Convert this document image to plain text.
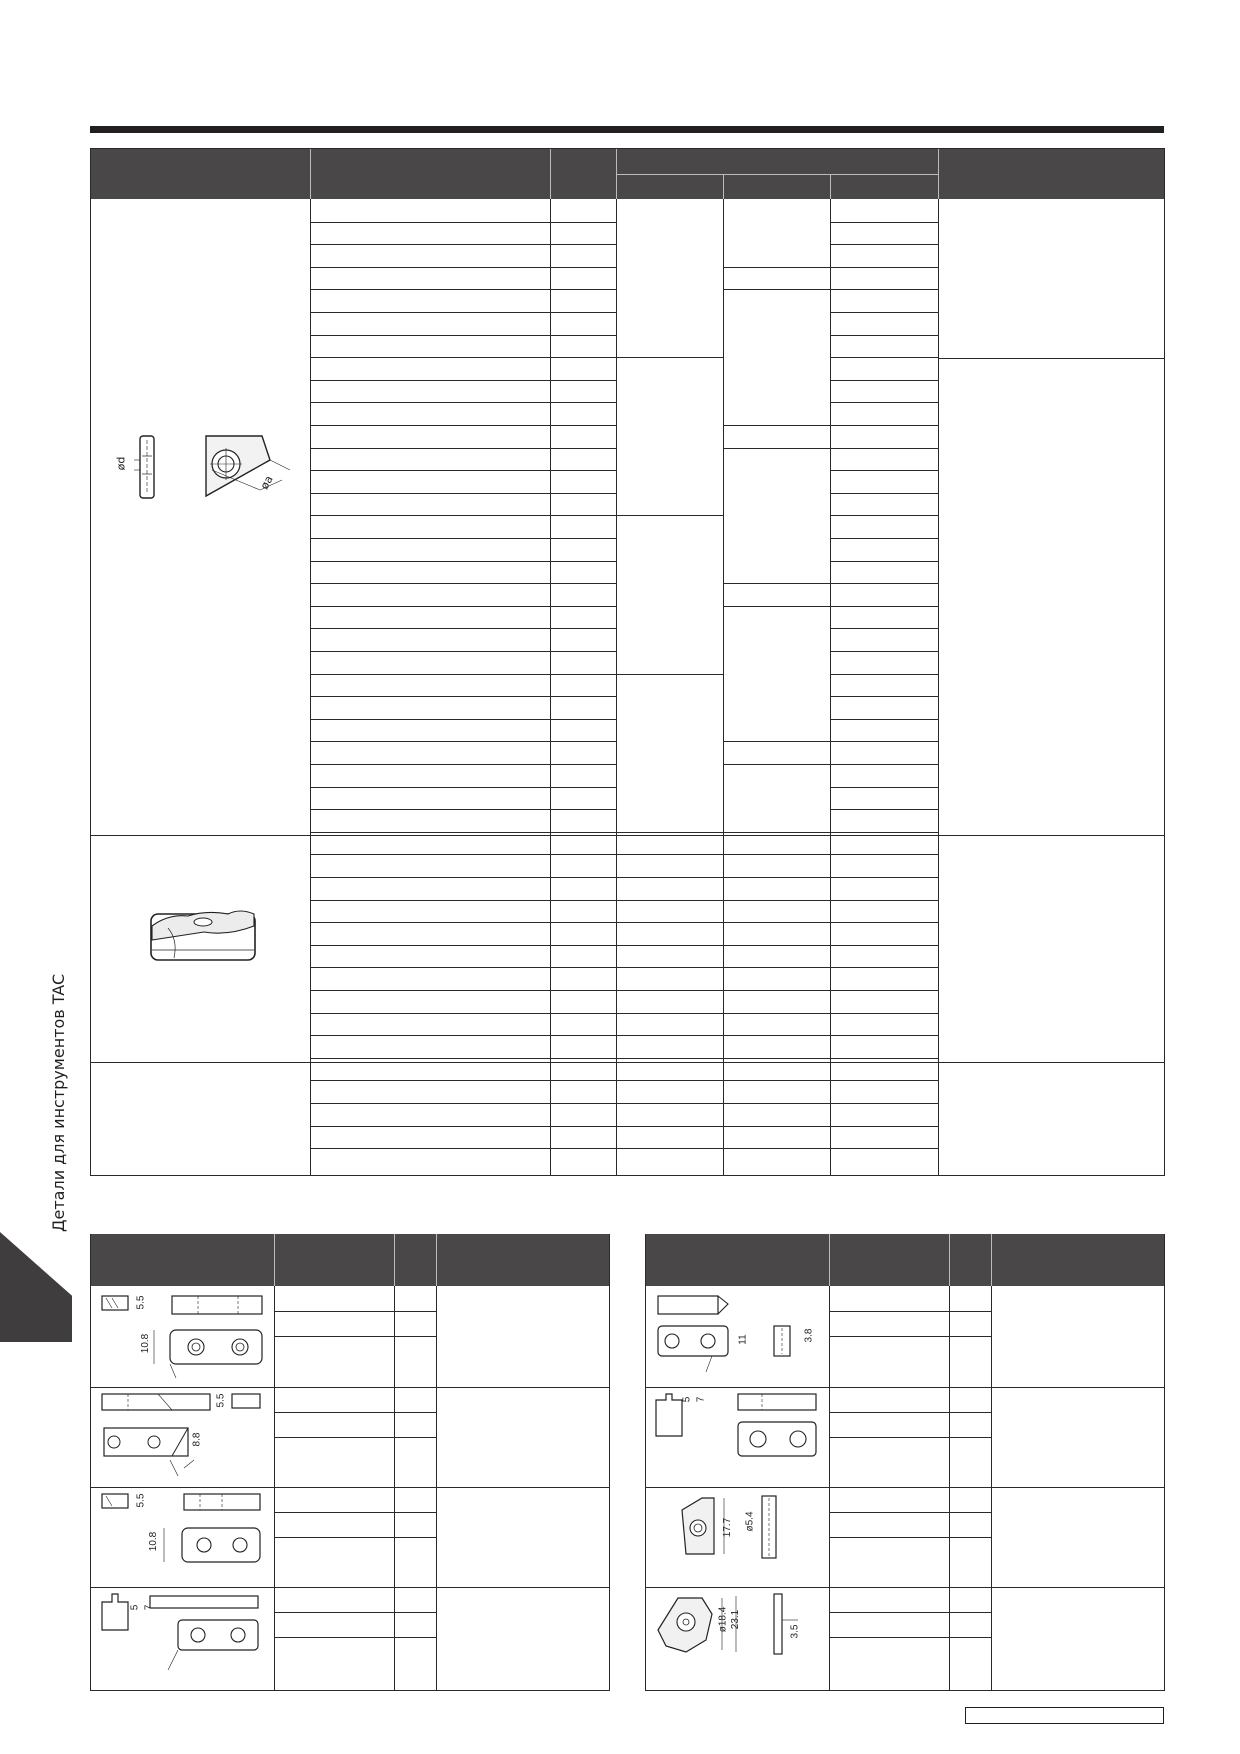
ød
øa
5.5
10.8
5.5
8.8
5.5
10.8
5 7
3.8
11
5 7
17.7 ø5.4
ø18.4 23.1
3.5
Детали для инструментов TAC
